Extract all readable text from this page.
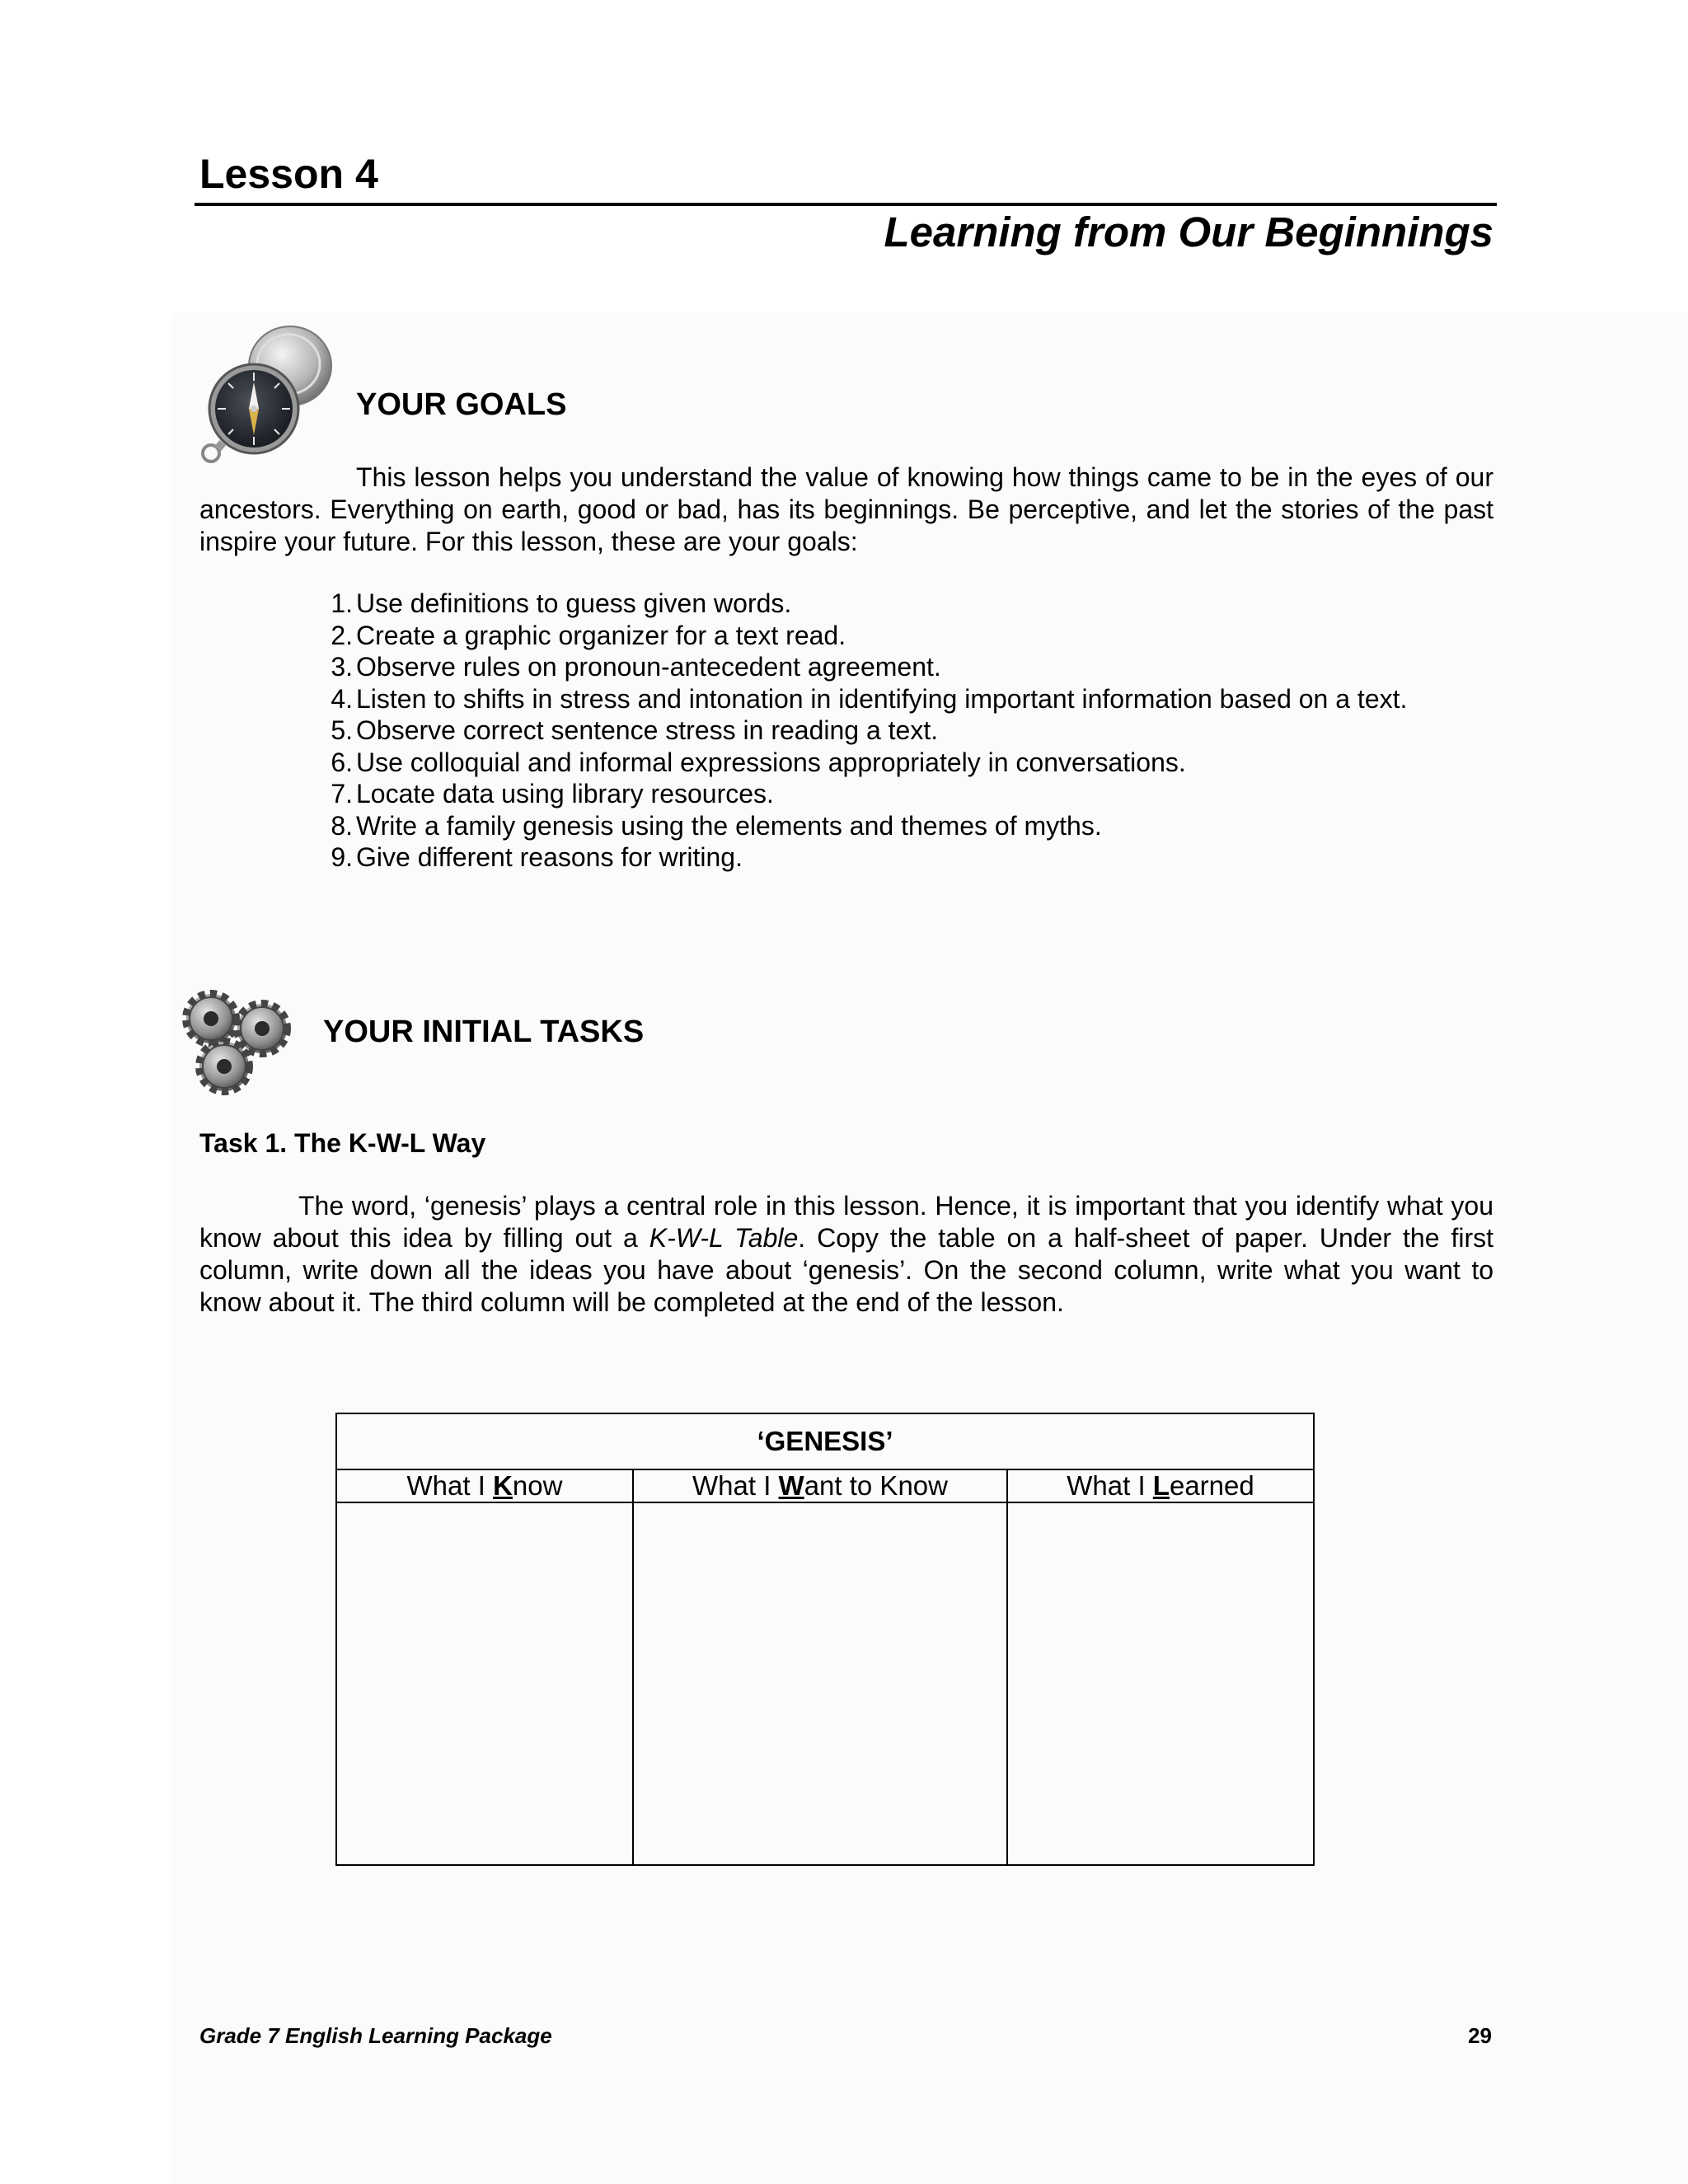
Lesson 4
Learning from Our Beginnings
YOUR GOALS
This lesson helps you understand the value of knowing how things came to be in the eyes of our ancestors. Everything on earth, good or bad, has its beginnings. Be perceptive, and let the stories of the past inspire your future. For this lesson, these are your goals:
1. Use definitions to guess given words.
2. Create a graphic organizer for a text read.
3. Observe rules on pronoun-antecedent agreement.
4. Listen to shifts in stress and intonation in identifying important information based on a text.
5. Observe correct sentence stress in reading a text.
6. Use colloquial and informal expressions appropriately in conversations.
7. Locate data using library resources.
8. Write a family genesis using the elements and themes of myths.
9. Give different reasons for writing.
YOUR INITIAL TASKS
Task 1. The K-W-L Way
The word, ‘genesis’ plays a central role in this lesson. Hence, it is important that you identify what you know about this idea by filling out a K-W-L Table. Copy the table on a half-sheet of paper. Under the first column, write down all the ideas you have about ‘genesis’. On the second column, write what you want to know about it. The third column will be completed at the end of the lesson.
‘GENESIS’		
What I Know	What I Want to Know	What I Learned

Grade 7 English Learning Package	29
